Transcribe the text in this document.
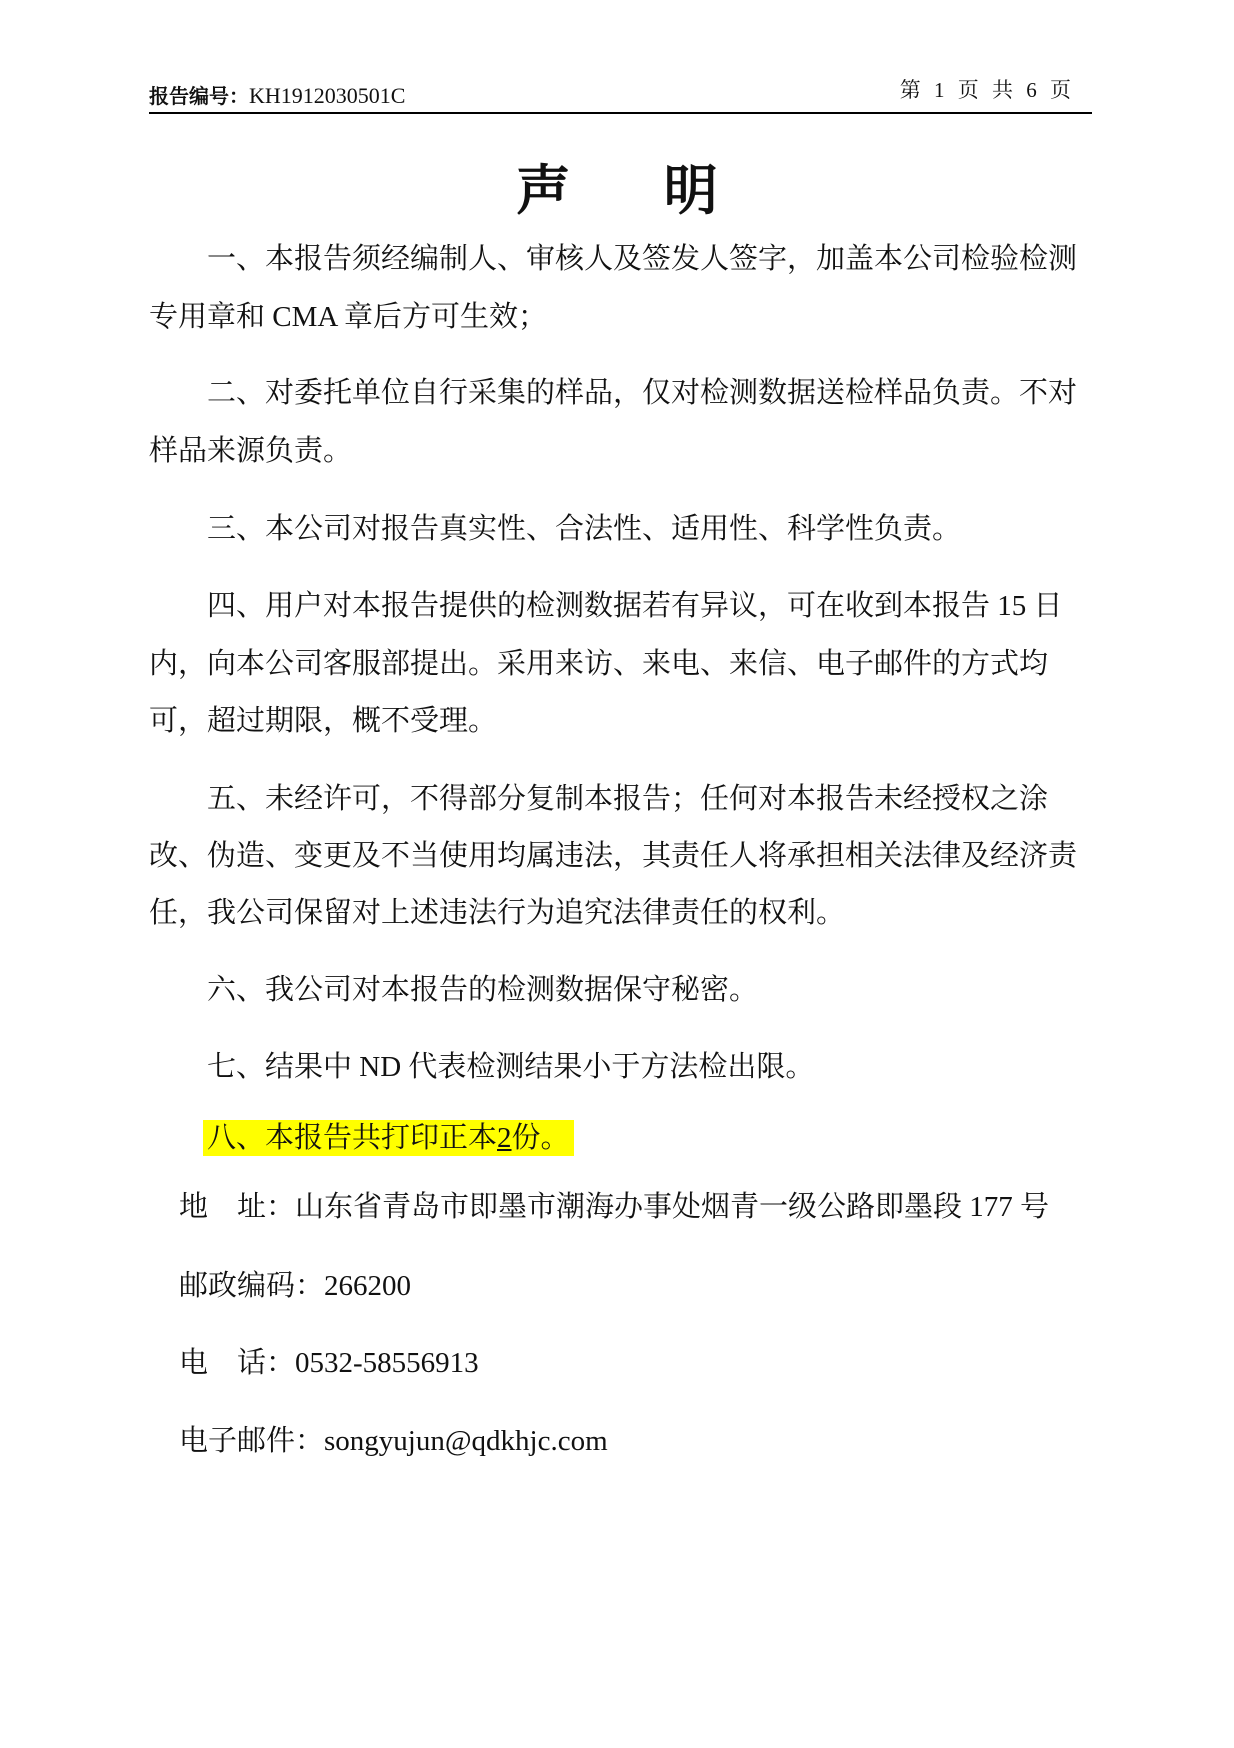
报告编号：KH1912030501C	第 1 页 共 6 页
声 明
一、本报告须经编制人、审核人及签发人签字，加盖本公司检验检测
专用章和 CMA 章后方可生效；
二、对委托单位自行采集的样品，仅对检测数据送检样品负责。不对
样品来源负责。
三、本公司对报告真实性、合法性、适用性、科学性负责。
四、用户对本报告提供的检测数据若有异议，可在收到本报告 15 日
内，向本公司客服部提出。采用来访、来电、来信、电子邮件的方式均
可，超过期限，概不受理。
五、未经许可，不得部分复制本报告；任何对本报告未经授权之涂
改、伪造、变更及不当使用均属违法，其责任人将承担相关法律及经济责
任，我公司保留对上述违法行为追究法律责任的权利。
六、我公司对本报告的检测数据保守秘密。
七、结果中 ND 代表检测结果小于方法检出限。
八、本报告共打印正本2份。
地　址：山东省青岛市即墨市潮海办事处烟青一级公路即墨段 177 号
邮政编码：266200
电　话：0532-58556913
电子邮件：songyujun@qdkhjc.com
